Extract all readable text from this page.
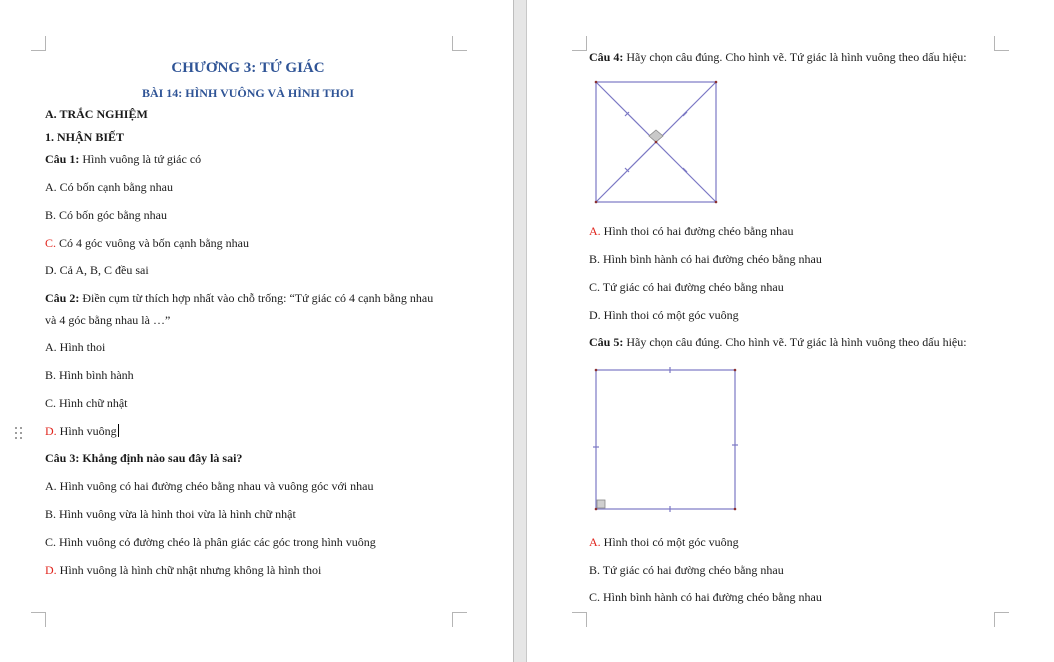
CHƯƠNG 3: TỨ GIÁC
BÀI 14: HÌNH VUÔNG VÀ HÌNH THOI
A. TRẮC NGHIỆM
1. NHẬN BIẾT
Câu 1: Hình vuông là tứ giác có
A. Có bốn cạnh bằng nhau
B. Có bốn góc bằng nhau
C. Có 4 góc vuông và bốn cạnh bằng nhau
D. Cả A, B, C đều sai
Câu 2: Điền cụm từ thích hợp nhất vào chỗ trống: “Tứ giác có 4 cạnh bằng nhau
và 4 góc bằng nhau là …”
A. Hình thoi
B. Hình bình hành
C. Hình chữ nhật
D. Hình vuông
Câu 3: Khẳng định nào sau đây là sai?
A. Hình vuông có hai đường chéo bằng nhau và vuông góc với nhau
B. Hình vuông vừa là hình thoi vừa là hình chữ nhật
C. Hình vuông có đường chéo là phân giác các góc trong hình vuông
D. Hình vuông là hình chữ nhật nhưng không là hình thoi
Câu 4: Hãy chọn câu đúng. Cho hình vẽ. Tứ giác là hình vuông theo dấu hiệu:
A. Hình thoi có hai đường chéo bằng nhau
B. Hình bình hành có hai đường chéo bằng nhau
C. Tứ giác có hai đường chéo bằng nhau
D. Hình thoi có một góc vuông
Câu 5: Hãy chọn câu đúng. Cho hình vẽ. Tứ giác là hình vuông theo dấu hiệu:
A. Hình thoi có một góc vuông
B. Tứ giác có hai đường chéo bằng nhau
C. Hình bình hành có hai đường chéo bằng nhau
